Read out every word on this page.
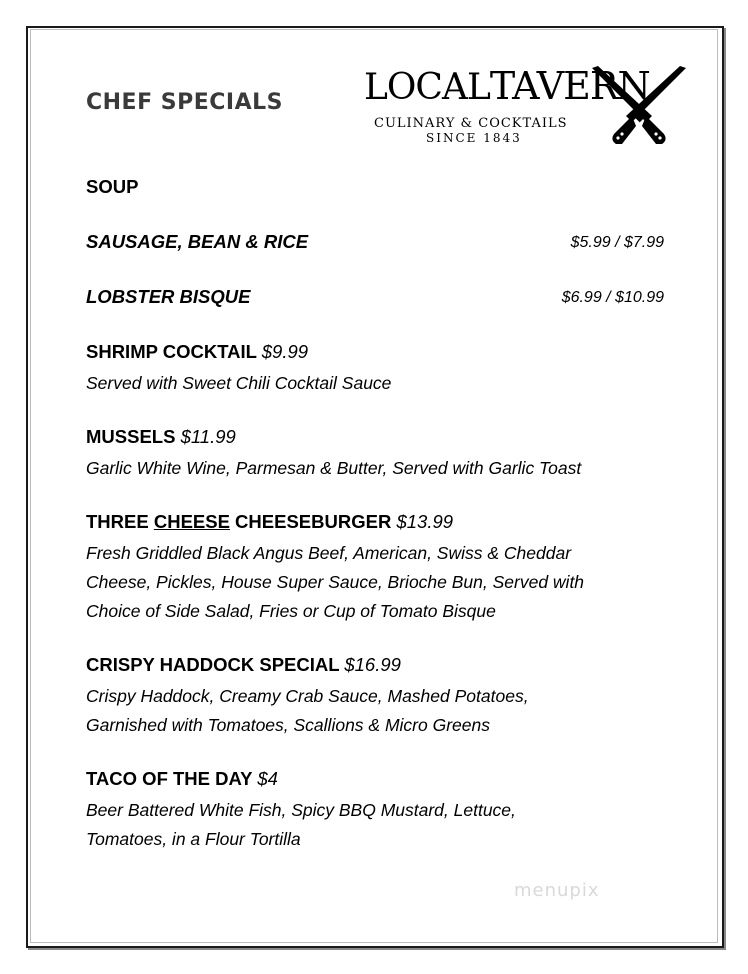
CHEF SPECIALS LOCALTAVERN
CULINARY & COCKTAILS
SINCE 1843
SOUP
SAUSAGE, BEAN & RICE	$5.99 / $7.99
LOBSTER BISQUE	$6.99 / $10.99
SHRIMP COCKTAIL $9.99
Served with Sweet Chili Cocktail Sauce
MUSSELS $11.99
Garlic White Wine, Parmesan & Butter, Served with Garlic Toast
THREE CHEESE CHEESEBURGER $13.99
Fresh Griddled Black Angus Beef, American, Swiss & Cheddar
Cheese, Pickles, House Super Sauce, Brioche Bun, Served with
Choice of Side Salad, Fries or Cup of Tomato Bisque
CRISPY HADDOCK SPECIAL $16.99
Crispy Haddock, Creamy Crab Sauce, Mashed Potatoes,
Garnished with Tomatoes, Scallions & Micro Greens
TACO OF THE DAY $4
Beer Battered White Fish, Spicy BBQ Mustard, Lettuce,
Tomatoes, in a Flour Tortilla
menupix
